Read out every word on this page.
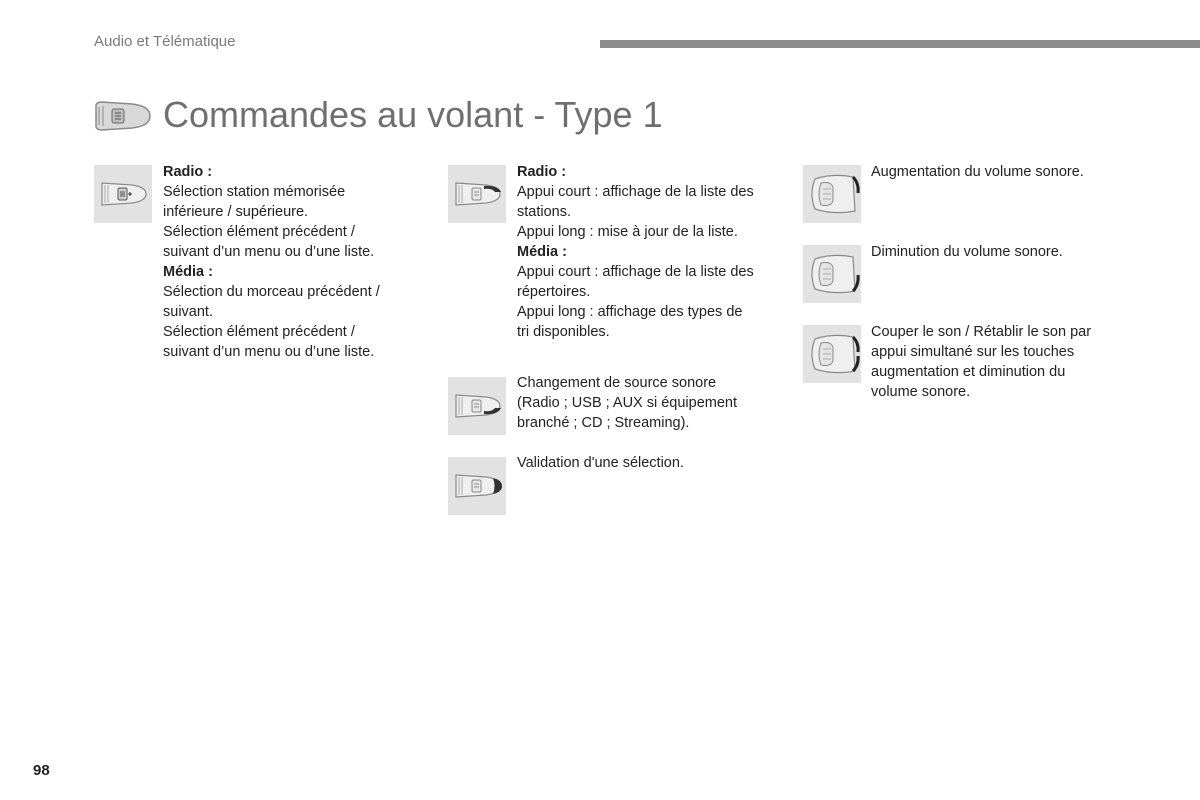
Audio et Télématique
Commandes au volant - Type 1

Radio :

Sélection station mémorisée

inférieure / supérieure.

Sélection élément précédent /

suivant d’un menu ou d’une liste.

Média :

Sélection du morceau précédent /

suivant.

Sélection élément précédent /

suivant d’un menu ou d’une liste.

Radio :

Appui court : affichage de la liste des

stations.

Appui long : mise à jour de la liste.

Média :

Appui court : affichage de la liste des

répertoires.

Appui long : affichage des types de

tri disponibles.

Changement de source sonore

(Radio ; USB ; AUX si équipement

branché ; CD ; Streaming).

Validation d'une sélection.

Augmentation du volume sonore.

Diminution du volume sonore.

Couper le son / Rétablir le son par

appui simultané sur les touches

augmentation et diminution du

volume sonore.

98
